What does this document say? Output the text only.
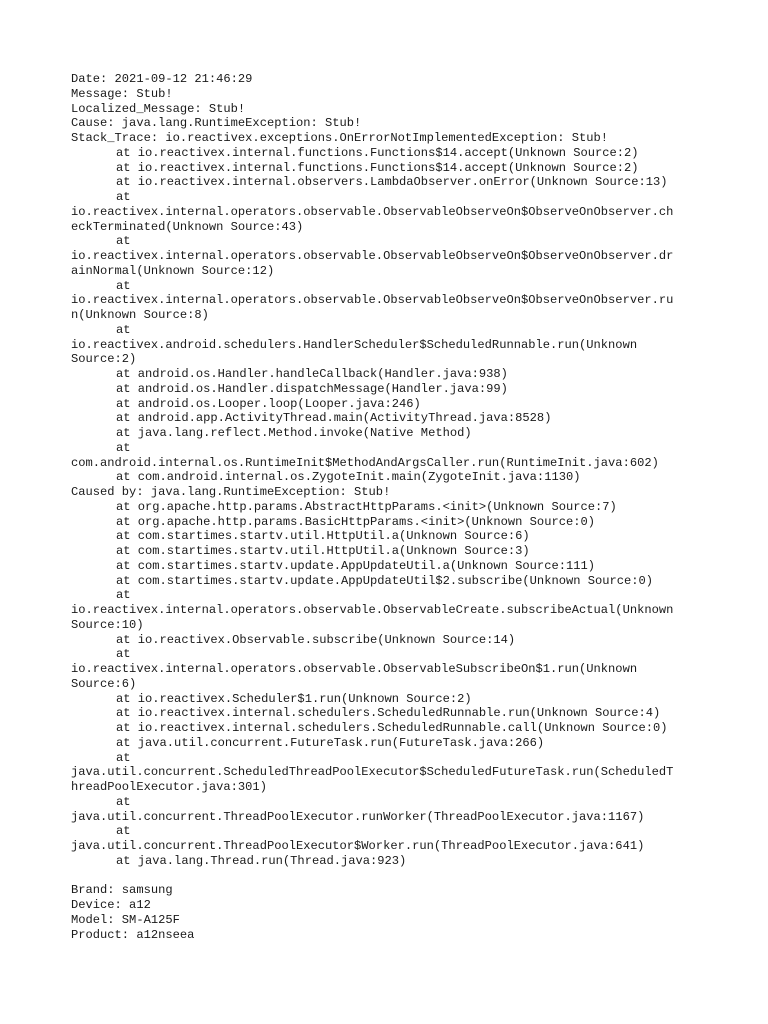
Date: 2021-09-12 21:46:29
Message: Stub!
Localized_Message: Stub!
Cause: java.lang.RuntimeException: Stub!
Stack_Trace: io.reactivex.exceptions.OnErrorNotImplementedException: Stub!
at io.reactivex.internal.functions.Functions$14.accept(Unknown Source:2)
at io.reactivex.internal.functions.Functions$14.accept(Unknown Source:2)
at io.reactivex.internal.observers.LambdaObserver.onError(Unknown Source:13)
at
io.reactivex.internal.operators.observable.ObservableObserveOn$ObserveOnObserver.ch
eckTerminated(Unknown Source:43)
at
io.reactivex.internal.operators.observable.ObservableObserveOn$ObserveOnObserver.dr
ainNormal(Unknown Source:12)
at
io.reactivex.internal.operators.observable.ObservableObserveOn$ObserveOnObserver.ru
n(Unknown Source:8)
at
io.reactivex.android.schedulers.HandlerScheduler$ScheduledRunnable.run(Unknown
Source:2)
at android.os.Handler.handleCallback(Handler.java:938)
at android.os.Handler.dispatchMessage(Handler.java:99)
at android.os.Looper.loop(Looper.java:246)
at android.app.ActivityThread.main(ActivityThread.java:8528)
at java.lang.reflect.Method.invoke(Native Method)
at
com.android.internal.os.RuntimeInit$MethodAndArgsCaller.run(RuntimeInit.java:602)
at com.android.internal.os.ZygoteInit.main(ZygoteInit.java:1130)
Caused by: java.lang.RuntimeException: Stub!
at org.apache.http.params.AbstractHttpParams.<init>(Unknown Source:7)
at org.apache.http.params.BasicHttpParams.<init>(Unknown Source:0)
at com.startimes.startv.util.HttpUtil.a(Unknown Source:6)
at com.startimes.startv.util.HttpUtil.a(Unknown Source:3)
at com.startimes.startv.update.AppUpdateUtil.a(Unknown Source:111)
at com.startimes.startv.update.AppUpdateUtil$2.subscribe(Unknown Source:0)
at
io.reactivex.internal.operators.observable.ObservableCreate.subscribeActual(Unknown
Source:10)
at io.reactivex.Observable.subscribe(Unknown Source:14)
at
io.reactivex.internal.operators.observable.ObservableSubscribeOn$1.run(Unknown
Source:6)
at io.reactivex.Scheduler$1.run(Unknown Source:2)
at io.reactivex.internal.schedulers.ScheduledRunnable.run(Unknown Source:4)
at io.reactivex.internal.schedulers.ScheduledRunnable.call(Unknown Source:0)
at java.util.concurrent.FutureTask.run(FutureTask.java:266)
at
java.util.concurrent.ScheduledThreadPoolExecutor$ScheduledFutureTask.run(ScheduledT
hreadPoolExecutor.java:301)
at
java.util.concurrent.ThreadPoolExecutor.runWorker(ThreadPoolExecutor.java:1167)
at
java.util.concurrent.ThreadPoolExecutor$Worker.run(ThreadPoolExecutor.java:641)
at java.lang.Thread.run(Thread.java:923)
Brand: samsung
Device: a12
Model: SM-A125F
Product: a12nseea
